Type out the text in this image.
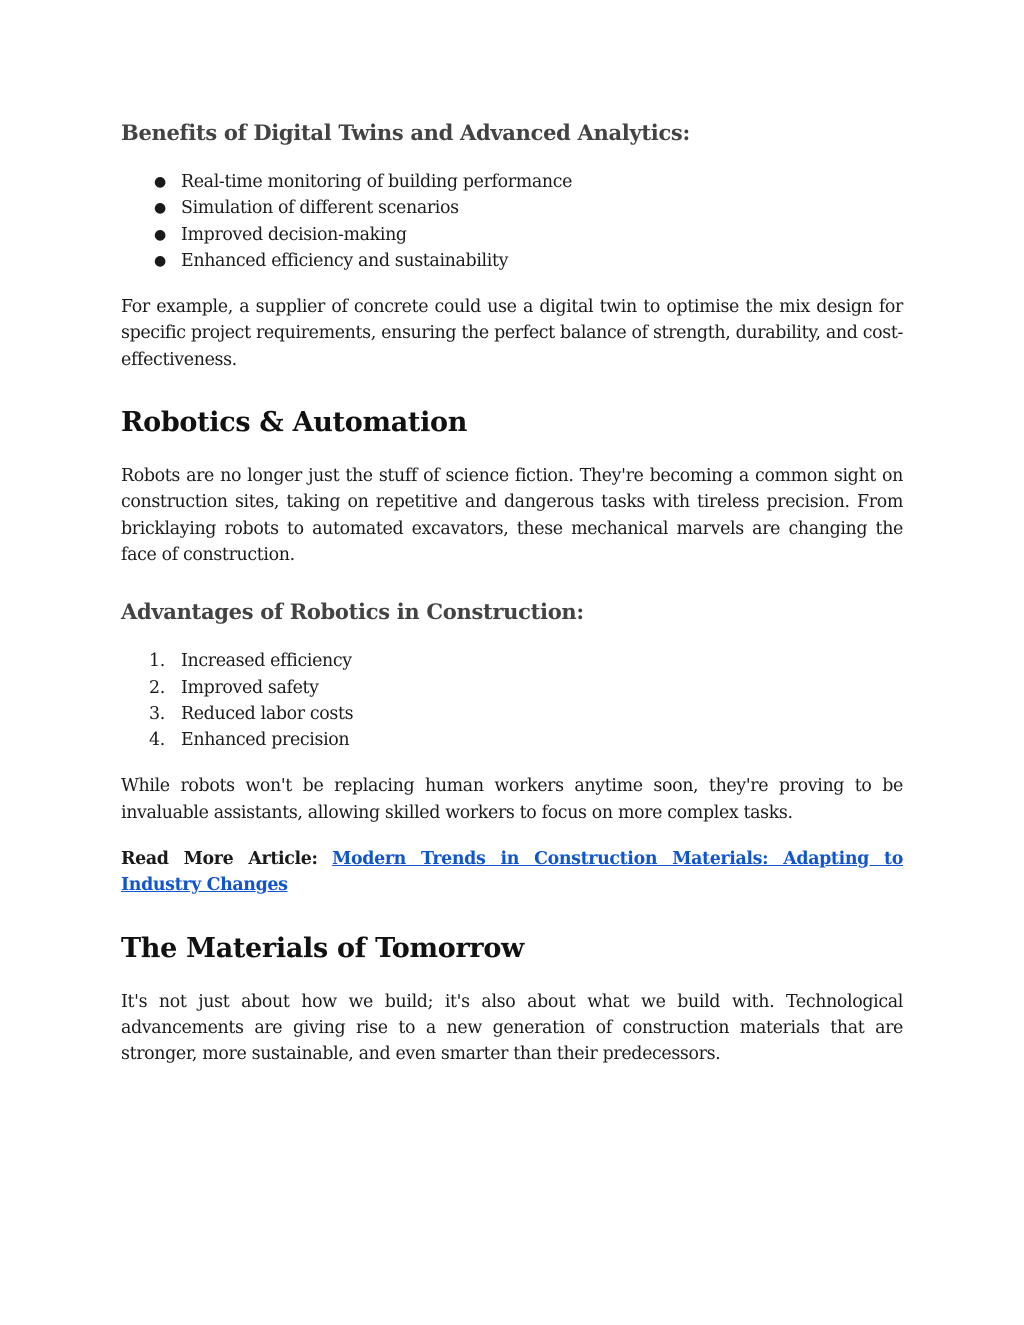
Benefits of Digital Twins and Advanced Analytics:
● Real-time monitoring of building performance
● Simulation of different scenarios
● Improved decision-making
● Enhanced efficiency and sustainability

For example, a supplier of concrete could use a digital twin to optimise the mix design for specific project requirements, ensuring the perfect balance of strength, durability, and cost-effectiveness.

Robotics & Automation

Robots are no longer just the stuff of science fiction. They're becoming a common sight on construction sites, taking on repetitive and dangerous tasks with tireless precision. From bricklaying robots to automated excavators, these mechanical marvels are changing the face of construction.

Advantages of Robotics in Construction:
1. Increased efficiency
2. Improved safety
3. Reduced labor costs
4. Enhanced precision

While robots won't be replacing human workers anytime soon, they're proving to be invaluable assistants, allowing skilled workers to focus on more complex tasks.

Read More Article: Modern Trends in Construction Materials: Adapting to Industry Changes

The Materials of Tomorrow

It's not just about how we build; it's also about what we build with. Technological advancements are giving rise to a new generation of construction materials that are stronger, more sustainable, and even smarter than their predecessors.
